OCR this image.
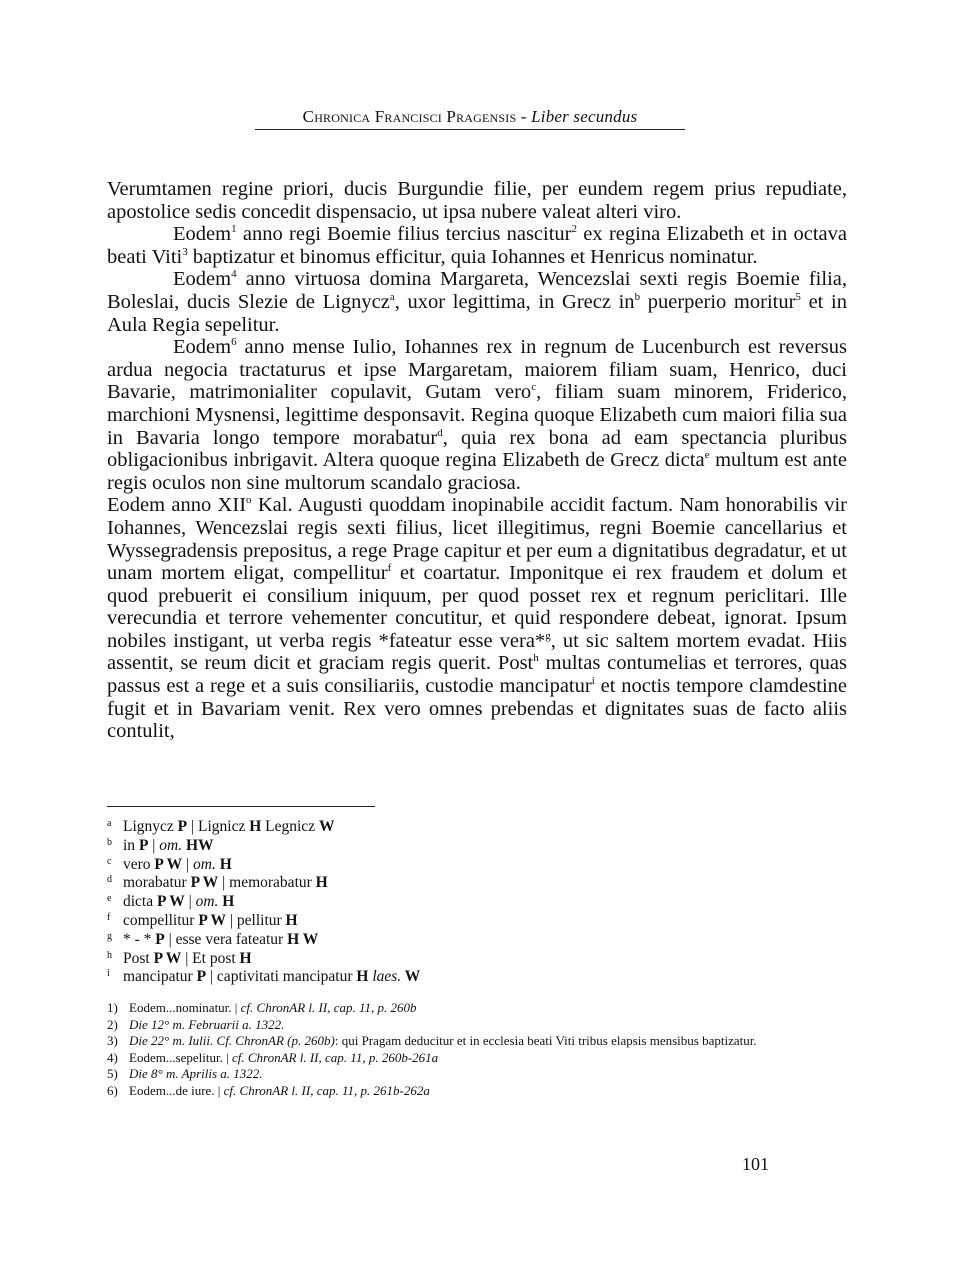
Chronica Francisci Pragensis - Liber secundus

Verumtamen regine priori, ducis Burgundie filie, per eundem regem prius repudiate, apostolice sedis concedit dispensacio, ut ipsa nubere valeat alteri viro.

Eodem$^1$ anno regi Boemie filius tercius nascitur$^2$ ex regina Elizabeth et in octava beati Viti$^3$ baptizatur et binomus efficitur, quia Iohannes et Henricus nominatur.

Eodem$^4$ anno virtuosa domina Margareta, Wencezslai sexti regis Boemie filia, Boleslai, ducis Slezie de Lignycz$^a$, uxor legittima, in Grecz $in^b$ puerperio moritur$^5$ et in Aula Regia sepelitur.

Eodem$^6$ anno mense Iulio, Iohannes rex in regnum de Lucenburch est reversus ardua negocia tractaturus et ipse Margaretam, maiorem filiam suam, Henrico, duci Bavarie, matrimonialiter copulavit, Gutam vero$^c$, filiam suam minorem, Friderico, marchioni Mysnensi, legittime desponsavit. Regina quoque Elizabeth cum maiori filia sua in Bavaria longo tempore morabatur$^d$, quia rex bona ad eam spectancia pluribus obligacionibus inbrigavit. Altera quoque regina Elizabeth de Grecz dicta$^e$ multum est ante regis oculos non sine multorum scandalo graciosa.

Eodem anno XII$^o$ Kal. Augusti quoddam inopinabile accidit factum. Nam honorabilis vir Iohannes, Wencezslai regis sexti filius, licet illegitimus, regni Boemie cancellarius et Wyssegradensis prepositus, a rege Prage capitur et per eum a dignitatibus degradatur, et ut unam mortem eligat, compellitur$^f$ et coartatur. Imponitque ei rex fraudem et dolum et quod prebuerit ei consilium iniquum, per quod posset rex et regnum periclitari. Ille verecundia et terrore vehementer concutitur, et quid respondere debeat, ignorat. Ipsum nobiles instigant, ut verba regis *fateatur esse vera*$^g$, ut sic saltem mortem evadat. Hiis assentit, se reum dicit et graciam regis querit. Post$^h$ multas contumelias et terrores, quas passus est a rege et a suis consiliariis, custodie mancipatur$^i$ et noctis tempore clamdestine fugit et in Bavariam venit. Rex vero omnes prebendas et dignitates suas de facto aliis contulit,

a Lignycz P | Lignicz H Legnicz W
b in P | om. HW
c vero P W | om. H
d morabatur P W | memorabatur H
e dicta P W | om. H
f compellitur P W | pellitur H
g * - * P | esse vera fateatur H W
h Post P W | Et post H
i mancipatur P | captivitati mancipatur H laes. W
1) Eodem...nominatur. | cf. ChronAR l. II, cap. 11, p. 260b
2) Die 12° m. Februarii a. 1322.
3) Die 22° m. Iulii. Cf. ChronAR (p. 260b): qui Pragam deducitur et in ecclesia beati Viti tribus elapsis mensibus baptizatur.
4) Eodem...sepelitur. | cf. ChronAR l. II, cap. 11, p. 260b-261a
5) Die 8° m. Aprilis a. 1322.
6) Eodem...de iure. | cf. ChronAR l. II, cap. 11, p. 261b-262a
101
